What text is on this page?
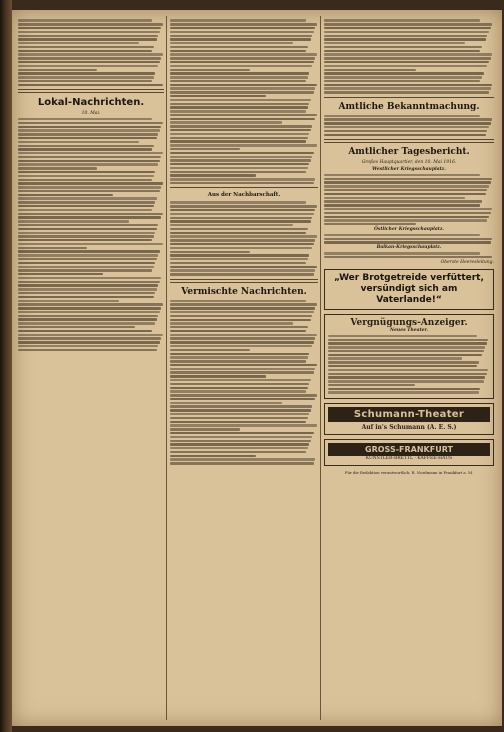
Lokal-Nachrichten.
10. Mai.
Aus der Nachbarschaft.
Vermischte Nachrichten.
Amtliche Bekanntmachung.
Amtlicher Tagesbericht.
Großes Hauptquartier, den 10. Mai 1916.
Westlicher Kriegsschauplatz.
Östlicher Kriegsschauplatz.
Balkan-Kriegsschauplatz.
Oberste Heeresleitung.
„Wer Brotgetreide verfüttert, versündigt sich am Vaterlande!“
Vergnügungs-Anzeiger.
Neues Theater.
Schumann-Theater
Auf in's Schumann (A. E. S.)
GROSS-FRANKFURT
KÜNSTLER-BRETTL · KAFFEE-HAUS
Für die Redaktion verantwortlich: R. Nordmann in Frankfurt a. M.
